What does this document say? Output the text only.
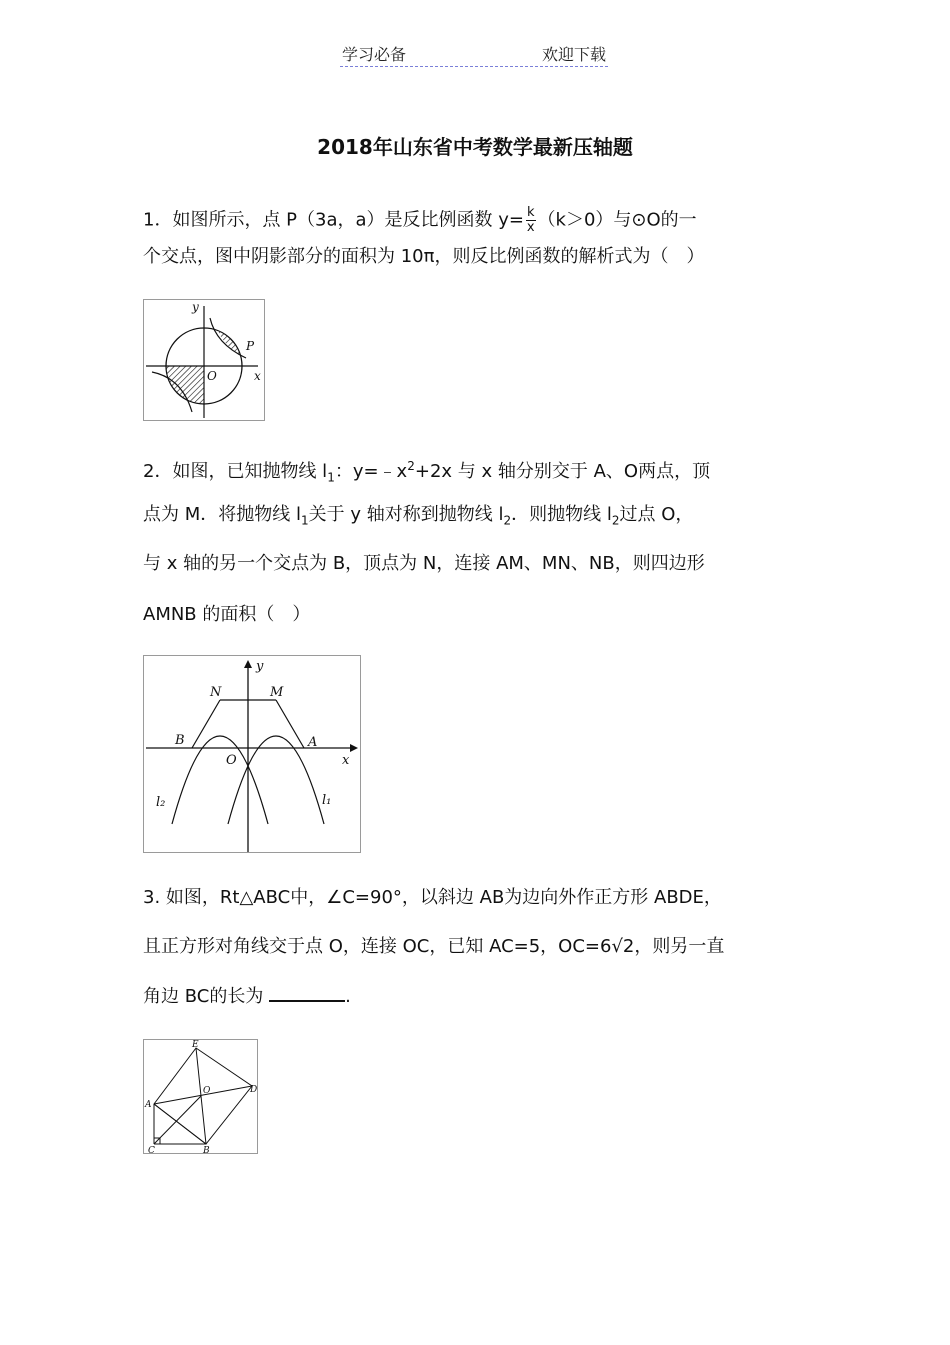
学习必备	欢迎下载
2018年山东省中考数学最新压轴题
1．如图所示，点 P（3a，a）是反比例函数 $y= \frac{k}{x} (k>0)$与⊙O的一
个交点，图中阴影部分的面积为 10π，则反比例函数的解析式为（　）
y
x
P
O
2．如图，已知抛物线 $l_1$：$y=﹣x^2+2x$ 与 x 轴分别交于 A、O两点，顶
点为 M．将抛物线 $l_1$关于 y 轴对称到抛物线 $l_2$．则抛物线 $l_2$过点 O，
与 x 轴的另一个交点为 B，顶点为 N，连接 AM、MN、NB，则四边形
AMNB 的面积（　）
y
x
N	M
B	A
O
l₂	l₁
3. 如图，Rt△ABC中，∠C=90°，以斜边 AB为边向外作正方形 ABDE，
且正方形对角线交于点 O，连接 OC，已知 AC=5，OC=6√2，则另一直
角边 BC的长为	.
E
D
A
O
C	B
